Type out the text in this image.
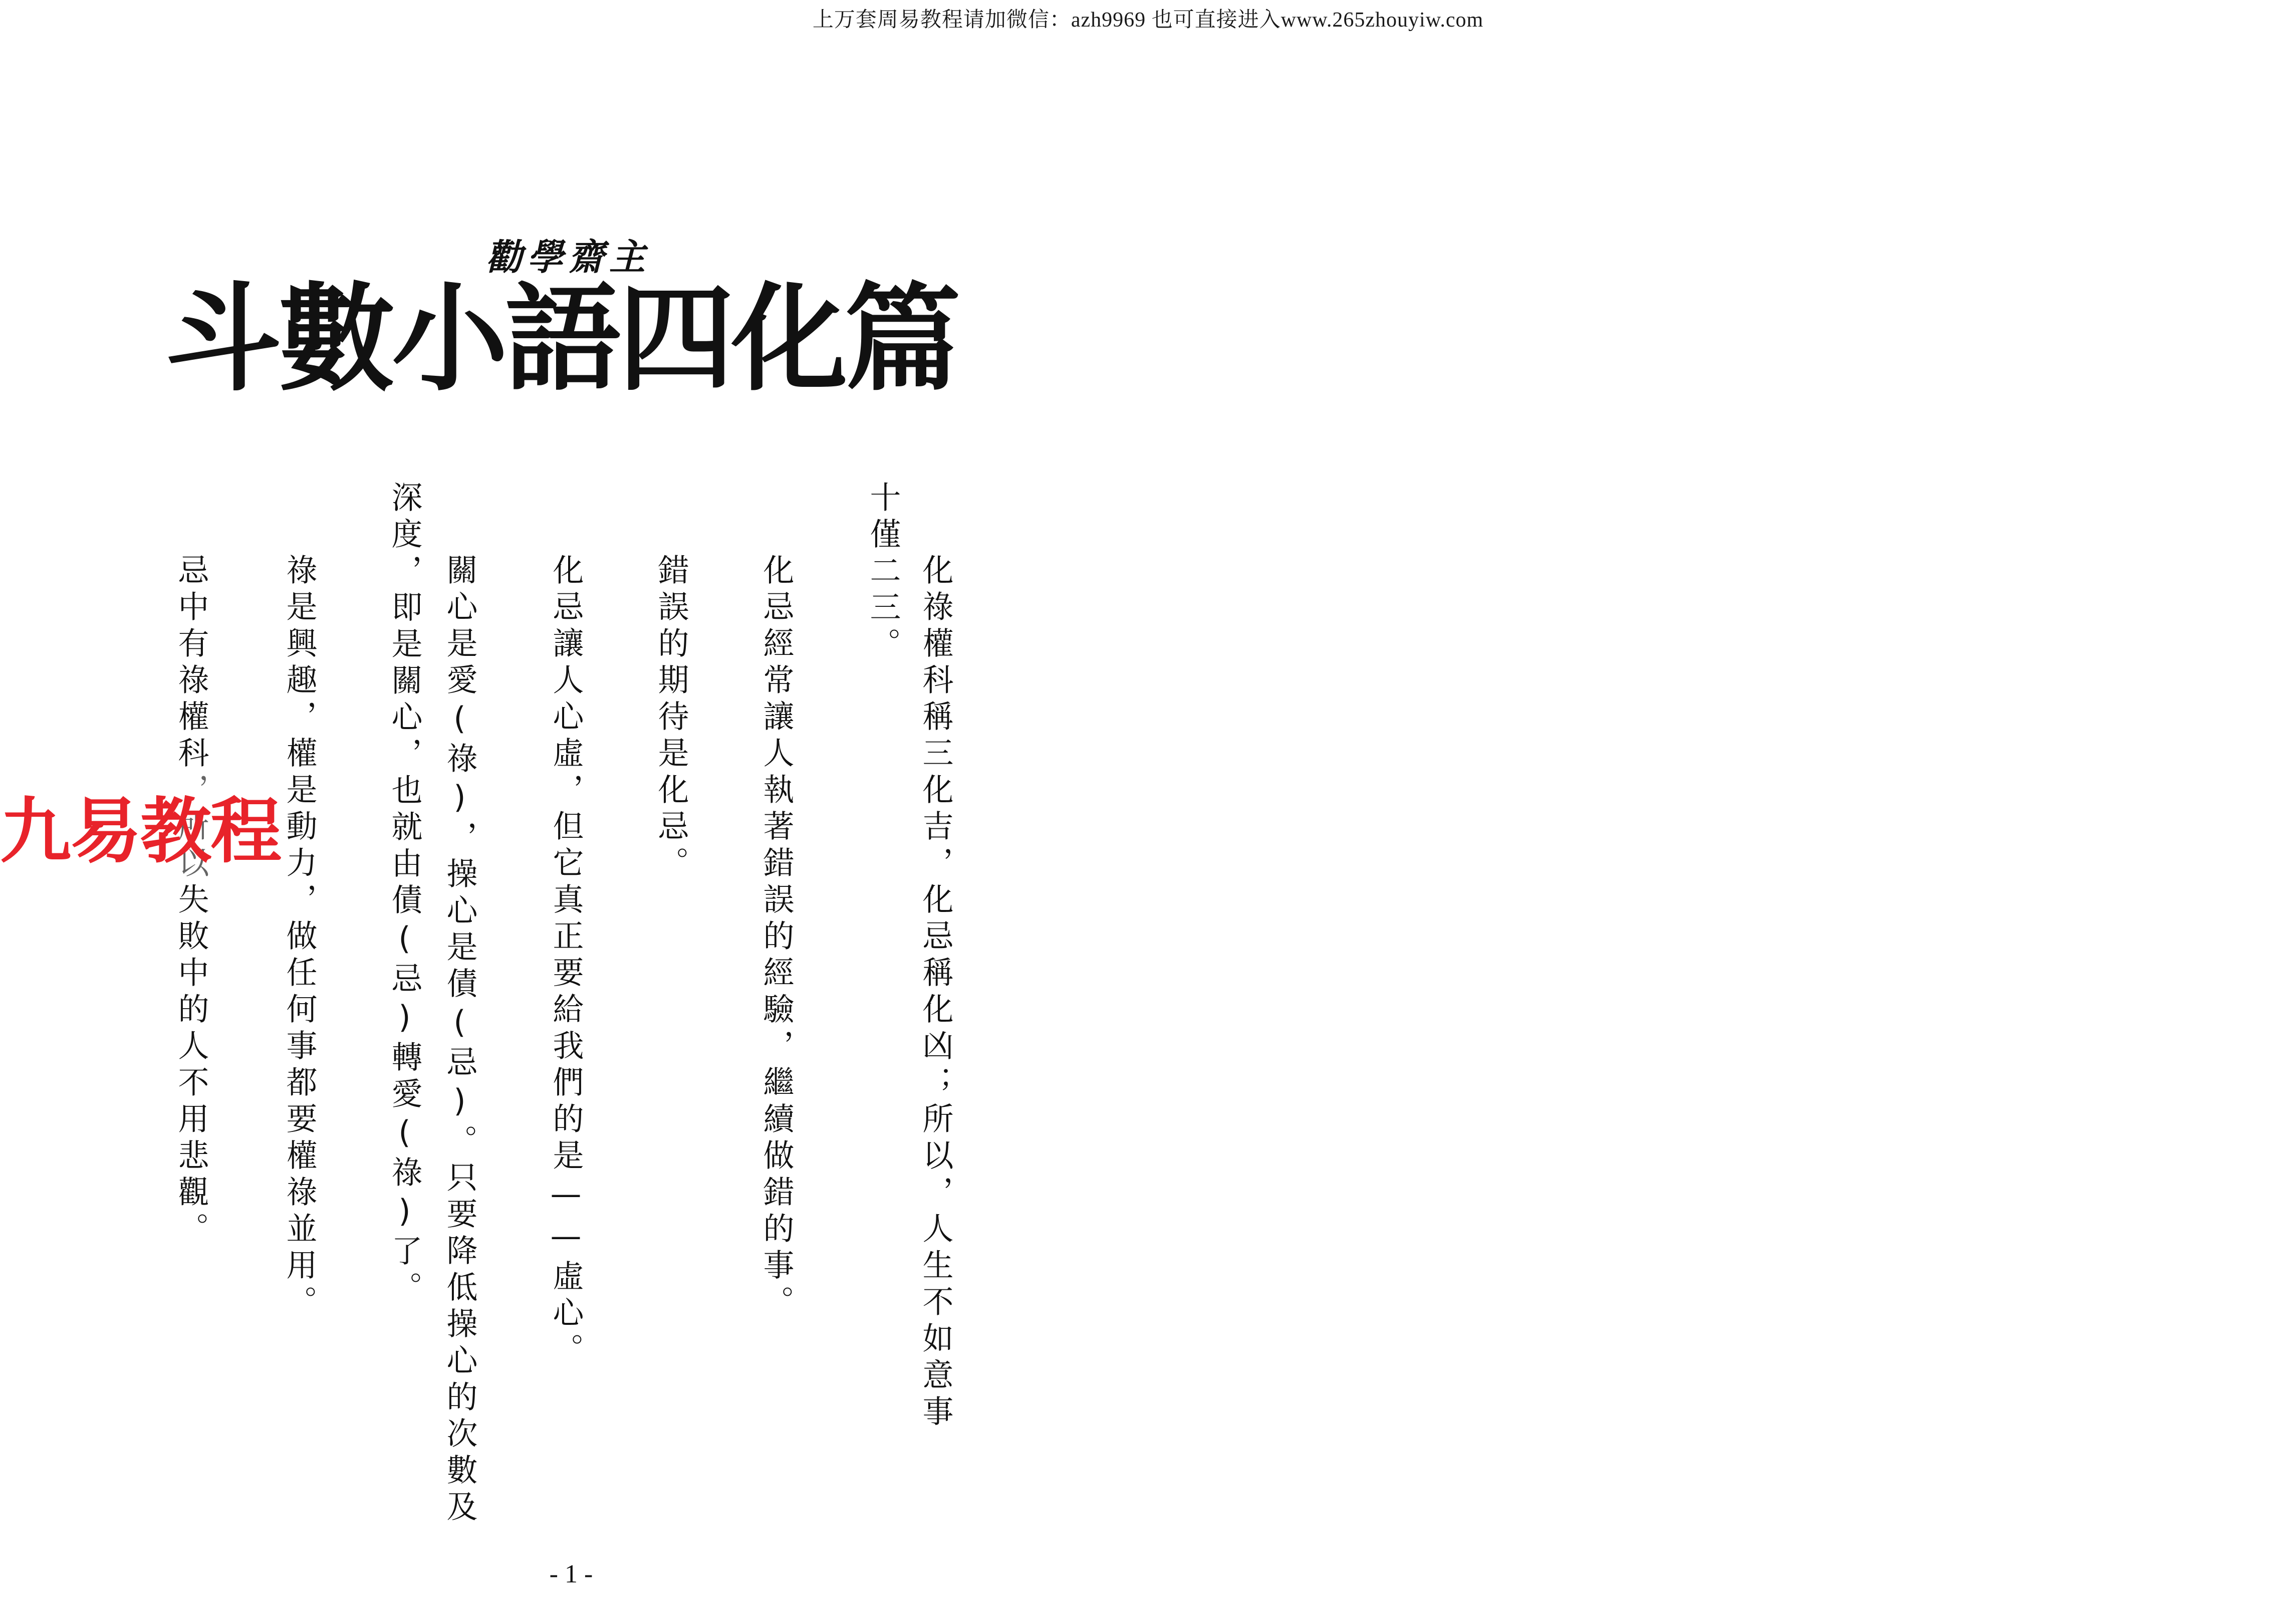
上万套周易教程请加微信：azh9969 也可直接进入www.265zhouyiw.com
勸學齋主
斗數小語四化篇
化祿權科稱三化吉，化忌稱化凶；所以，人生不如意事
十僅二三。
化忌經常讓人執著錯誤的經驗，繼續做錯的事。
錯誤的期待是化忌。
化忌讓人心虛，但它真正要給我們的是——虛心。
關心是愛(祿)，操心是債(忌)。只要降低操心的次數及
深度，即是關心，也就由債(忌)轉愛(祿)了。
祿是興趣，權是動力，做任何事都要權祿並用。
忌中有祿權科，所以失敗中的人不用悲觀。
九易教程
- 1 -
